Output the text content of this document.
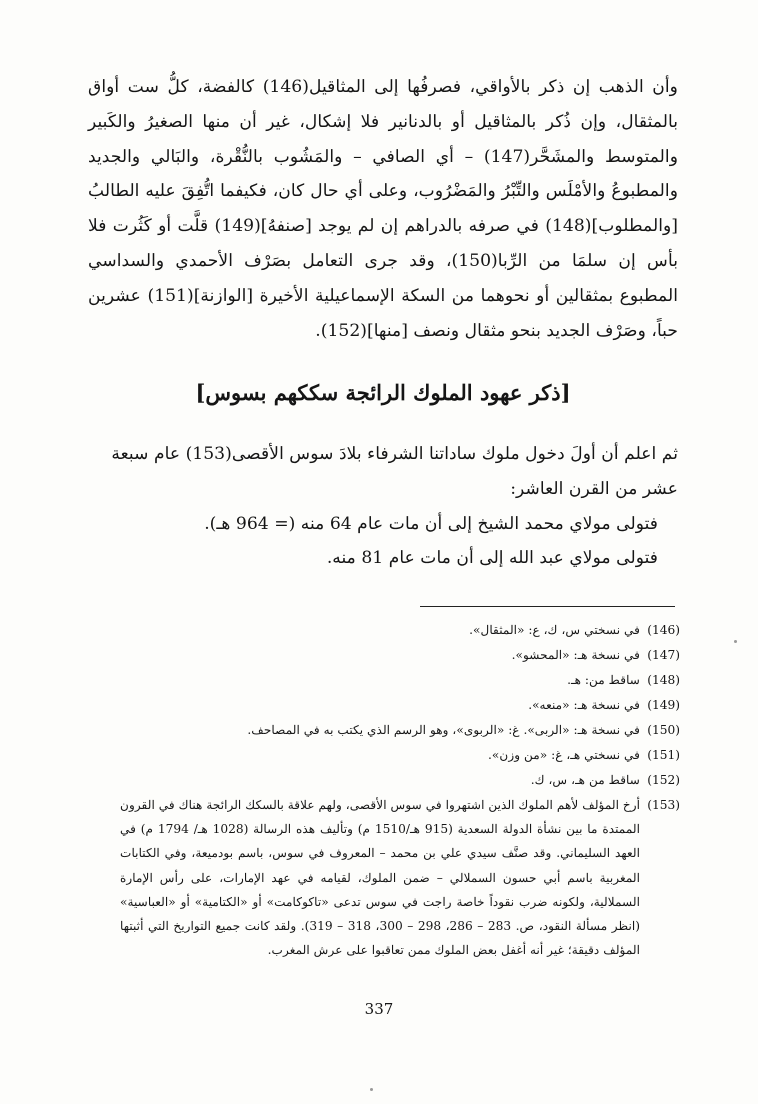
وأن الذهب إن ذكر بالأواقي، فصرفُها إلى المثاقيل(146) كالفضة، كلُّ ست أواق بالمثقال، وإن ذُكر بالمثاقيل أو بالدنانير فلا إشكال، غير أن منها الصغيرُ والكَبير والمتوسط والمشَحَّر(147) – أي الصافي – والمَشُوب بالنُّقْرة، والبَالي والجديد والمطبوعُ والأمْلَس والتِّبْرُ والمَضْرُوب، وعلى أي حال كان، فكيفما اتُّفِقَ عليه الطالبُ [والمطلوب](148) في صرفه بالدراهم إن لم يوجد [صنفهُ](149) قلَّت أو كَثُرت فلا بأس إن سلمَا من الرِّبا(150)، وقد جرى التعامل بصَرْف الأحمدي والسداسي المطبوع بمثقالين أو نحوهما من السكة الإسماعيلية الأخيرة [الوازنة](151) عشرين حباً، وصَرْف الجديد بنحو مثقال ونصف [منها](152).

[ذكر عهود الملوك الرائجة سككهم بسوس]

ثم اعلم أن أولَ دخول ملوك ساداتنا الشرفاء بلادَ سوس الأقصى(153) عام سبعة عشر من القرن العاشر:

فتولى مولاي محمد الشيخ إلى أن مات عام 64 منه (= 964 هـ).

فتولى مولاي عبد الله إلى أن مات عام 81 منه.

(146)
في نسختي س، ك، ع: «المثقال».
(147)
في نسخة هـ: «المحشو».
(148)
ساقط من: هـ.
(149)
في نسخة هـ: «منعه».
(150)
في نسخة هـ: «الربى». غ: «الربوى»، وهو الرسم الذي يكتب به في المصاحف.
(151)
في نسختي هـ، غ: «من وزن».
(152)
ساقط من هـ، س، ك.
(153)
أرخ المؤلف لأهم الملوك الذين اشتهروا في سوس الأقصى، ولهم علاقة بالسكك الرائجة هناك في القرون الممتدة ما بين نشأة الدولة السعدية (915 هـ/1510 م) وتأليف هذه الرسالة (1028 هـ/ 1794 م) في العهد السليماني. وقد صنَّف سيدي علي بن محمد – المعروف في سوس، باسم بودميعة، وفي الكتابات المغربية باسم أبي حسون السملالي – ضمن الملوك، لقيامه في عهد الإمارات، على رأس الإمارة السملالية، ولكونه ضرب نقوداً خاصة راجت في سوس تدعى «تاكوكامت» أو «الكتامية» أو «العباسية» (انظر مسألة النقود، ص. 283 – 286، 298 – 300، 318 – 319). ولقد كانت جميع التواريخ التي أثبتها المؤلف دقيقة؛ غير أنه أغفل بعض الملوك ممن تعاقبوا على عرش المغرب.
337
